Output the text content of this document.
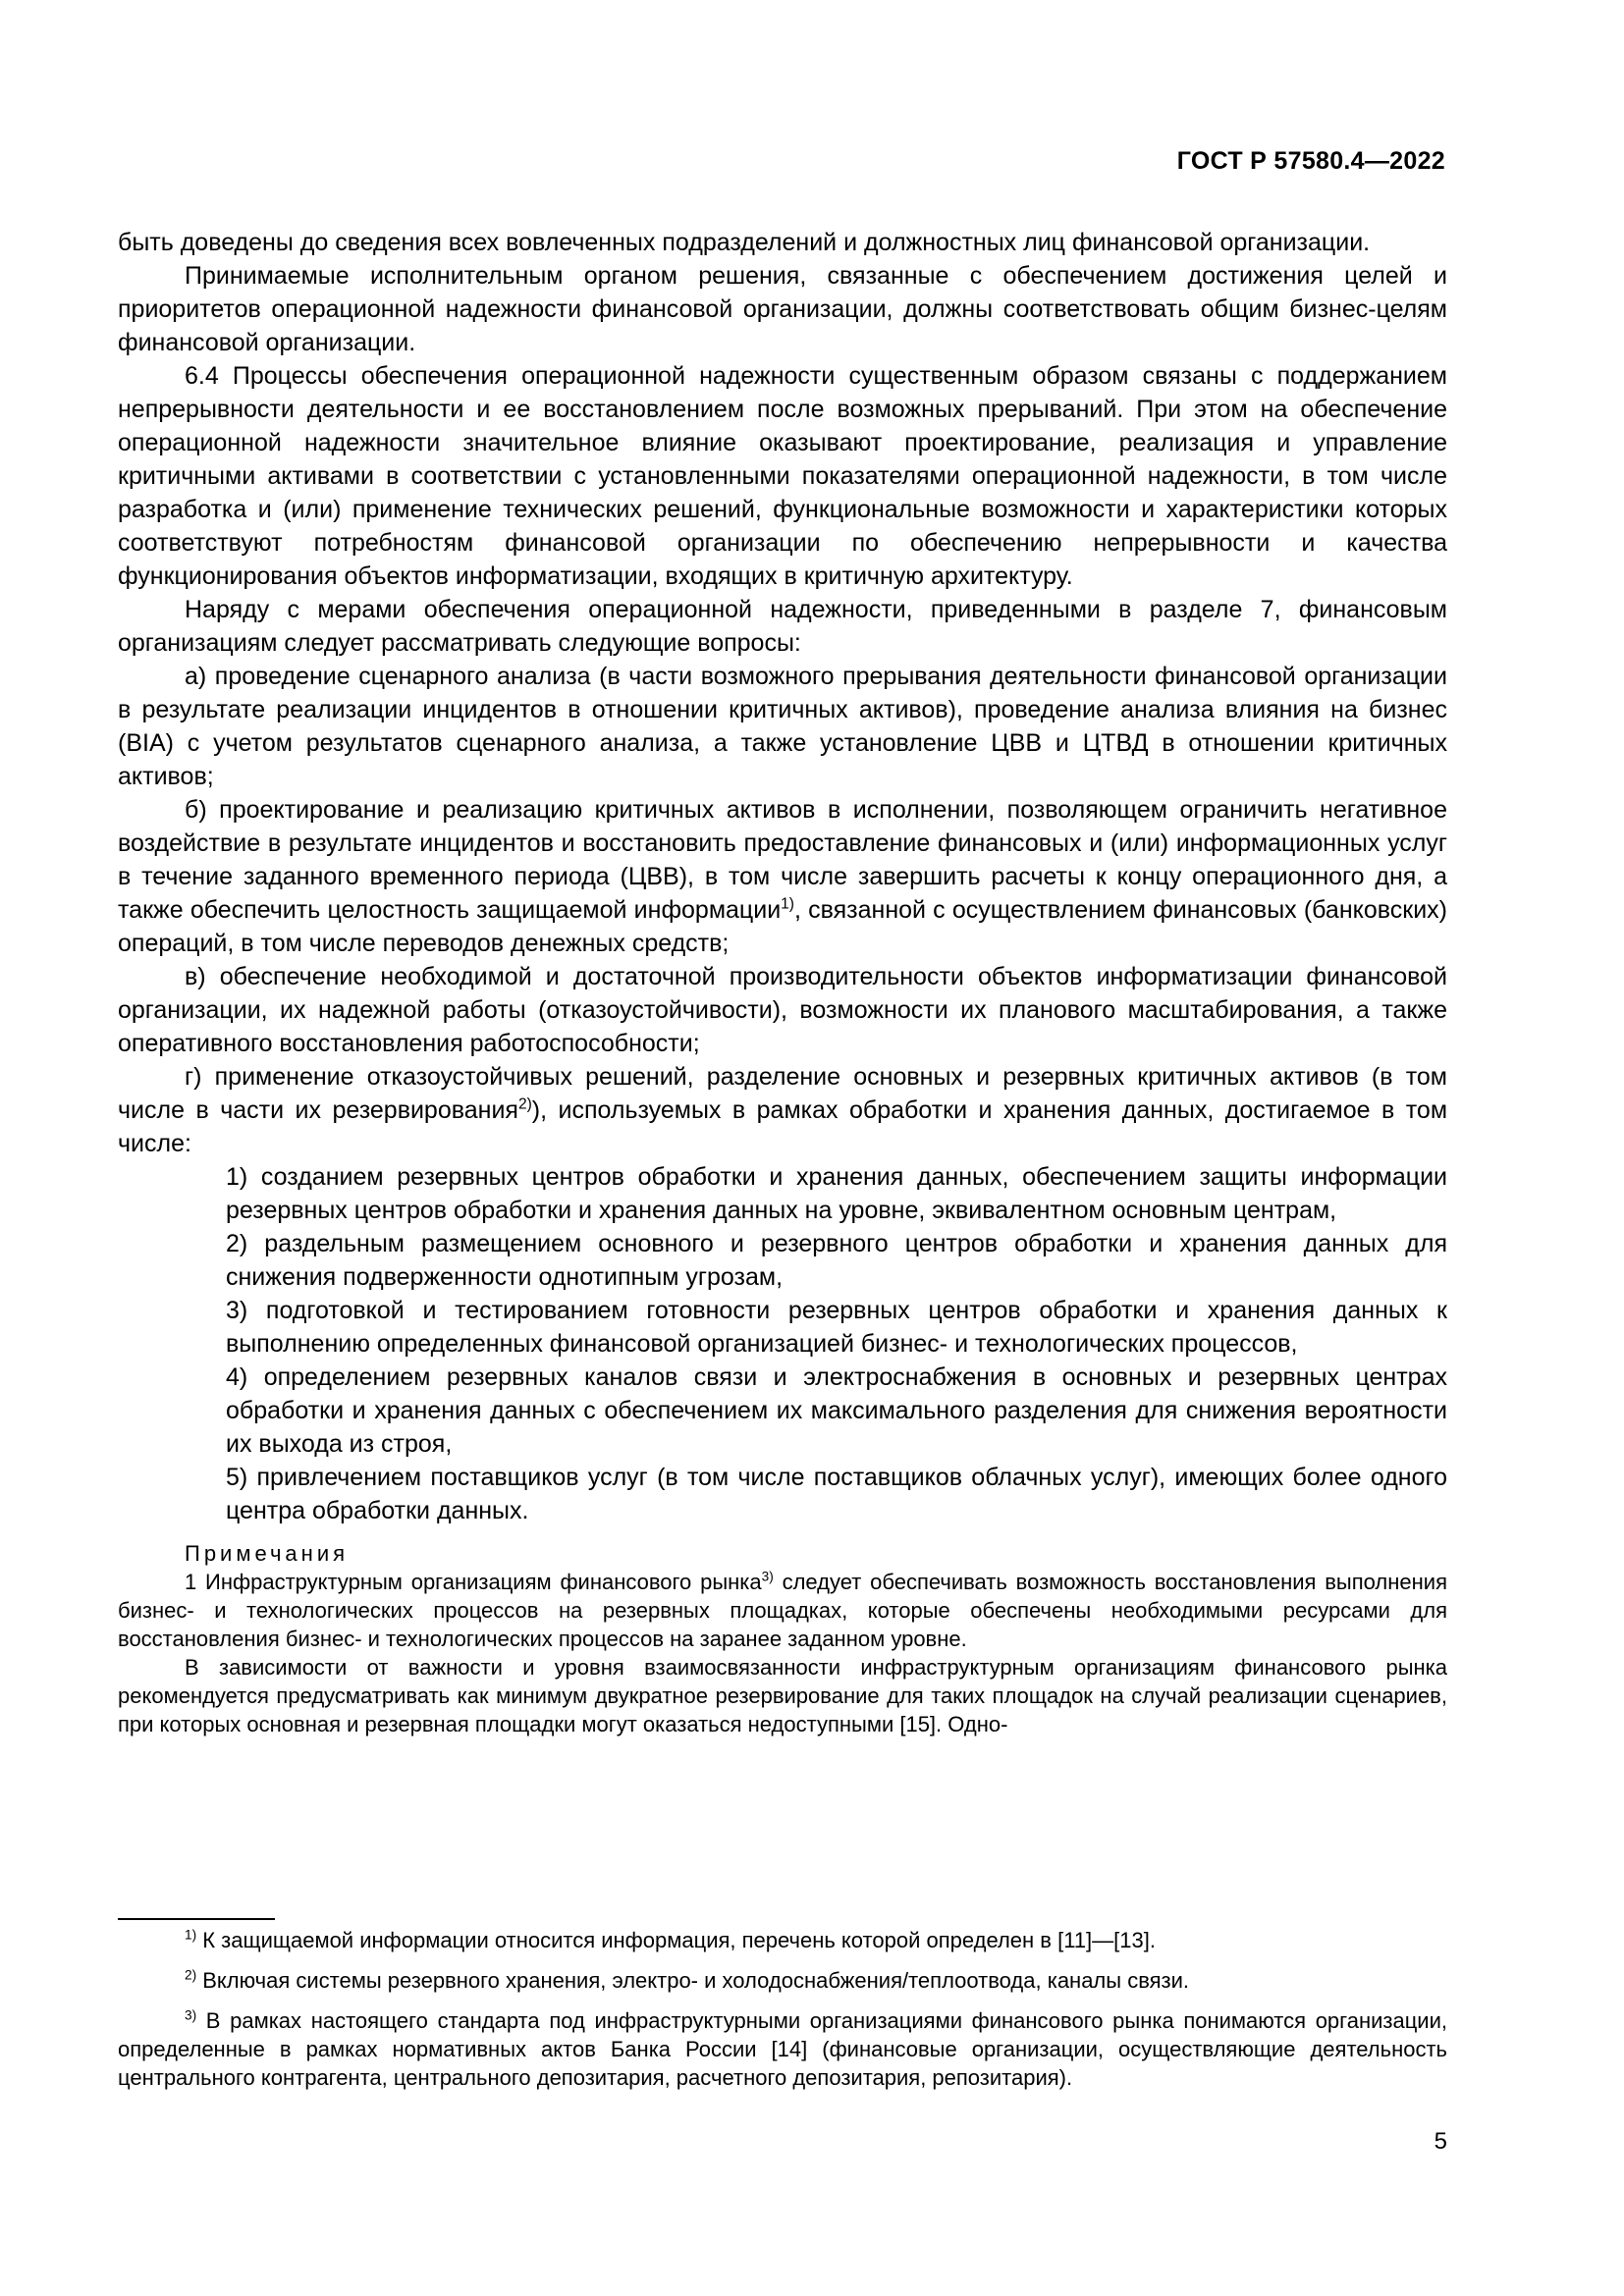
ГОСТ Р 57580.4—2022

быть доведены до сведения всех вовлеченных подразделений и должностных лиц финансовой организации.

Принимаемые исполнительным органом решения, связанные с обеспечением достижения целей и приоритетов операционной надежности финансовой организации, должны соответствовать общим бизнес-целям финансовой организации.

6.4 Процессы обеспечения операционной надежности существенным образом связаны с поддержанием непрерывности деятельности и ее восстановлением после возможных прерываний. При этом на обеспечение операционной надежности значительное влияние оказывают проектирование, реализация и управление критичными активами в соответствии с установленными показателями операционной надежности, в том числе разработка и (или) применение технических решений, функциональные возможности и характеристики которых соответствуют потребностям финансовой организации по обеспечению непрерывности и качества функционирования объектов информатизации, входящих в критичную архитектуру.

Наряду с мерами обеспечения операционной надежности, приведенными в разделе 7, финансовым организациям следует рассматривать следующие вопросы:

а) проведение сценарного анализа (в части возможного прерывания деятельности финансовой организации в результате реализации инцидентов в отношении критичных активов), проведение анализа влияния на бизнес (BIA) с учетом результатов сценарного анализа, а также установление ЦВВ и ЦТВД в отношении критичных активов;

б) проектирование и реализацию критичных активов в исполнении, позволяющем ограничить негативное воздействие в результате инцидентов и восстановить предоставление финансовых и (или) информационных услуг в течение заданного временного периода (ЦВВ), в том числе завершить расчеты к концу операционного дня, а также обеспечить целостность защищаемой информации$^{1)}$, связанной с осуществлением финансовых (банковских) операций, в том числе переводов денежных средств;

в) обеспечение необходимой и достаточной производительности объектов информатизации финансовой организации, их надежной работы (отказоустойчивости), возможности их планового масштабирования, а также оперативного восстановления работоспособности;

г) применение отказоустойчивых решений, разделение основных и резервных критичных активов (в том числе в части их резервирования$^{2)}$), используемых в рамках обработки и хранения данных, достигаемое в том числе:

1) созданием резервных центров обработки и хранения данных, обеспечением защиты информации резервных центров обработки и хранения данных на уровне, эквивалентном основным центрам,

2) раздельным размещением основного и резервного центров обработки и хранения данных для снижения подверженности однотипным угрозам,

3) подготовкой и тестированием готовности резервных центров обработки и хранения данных к выполнению определенных финансовой организацией бизнес- и технологических процессов,

4) определением резервных каналов связи и электроснабжения в основных и резервных центрах обработки и хранения данных с обеспечением их максимального разделения для снижения вероятности их выхода из строя,

5) привлечением поставщиков услуг (в том числе поставщиков облачных услуг), имеющих более одного центра обработки данных.

Примечания

1 Инфраструктурным организациям финансового рынка$^{3)}$ следует обеспечивать возможность восстановления выполнения бизнес- и технологических процессов на резервных площадках, которые обеспечены необходимыми ресурсами для восстановления бизнес- и технологических процессов на заранее заданном уровне.

В зависимости от важности и уровня взаимосвязанности инфраструктурным организациям финансового рынка рекомендуется предусматривать как минимум двукратное резервирование для таких площадок на случай реализации сценариев, при которых основная и резервная площадки могут оказаться недоступными [15]. Одно-

$^{1)}$ К защищаемой информации относится информация, перечень которой определен в [11]—[13].

$^{2)}$ Включая системы резервного хранения, электро- и холодоснабжения/теплоотвода, каналы связи.

$^{3)}$ В рамках настоящего стандарта под инфраструктурными организациями финансового рынка понимаются организации, определенные в рамках нормативных актов Банка России [14] (финансовые организации, осуществляющие деятельность центрального контрагента, центрального депозитария, расчетного депозитария, репозитария).

5
